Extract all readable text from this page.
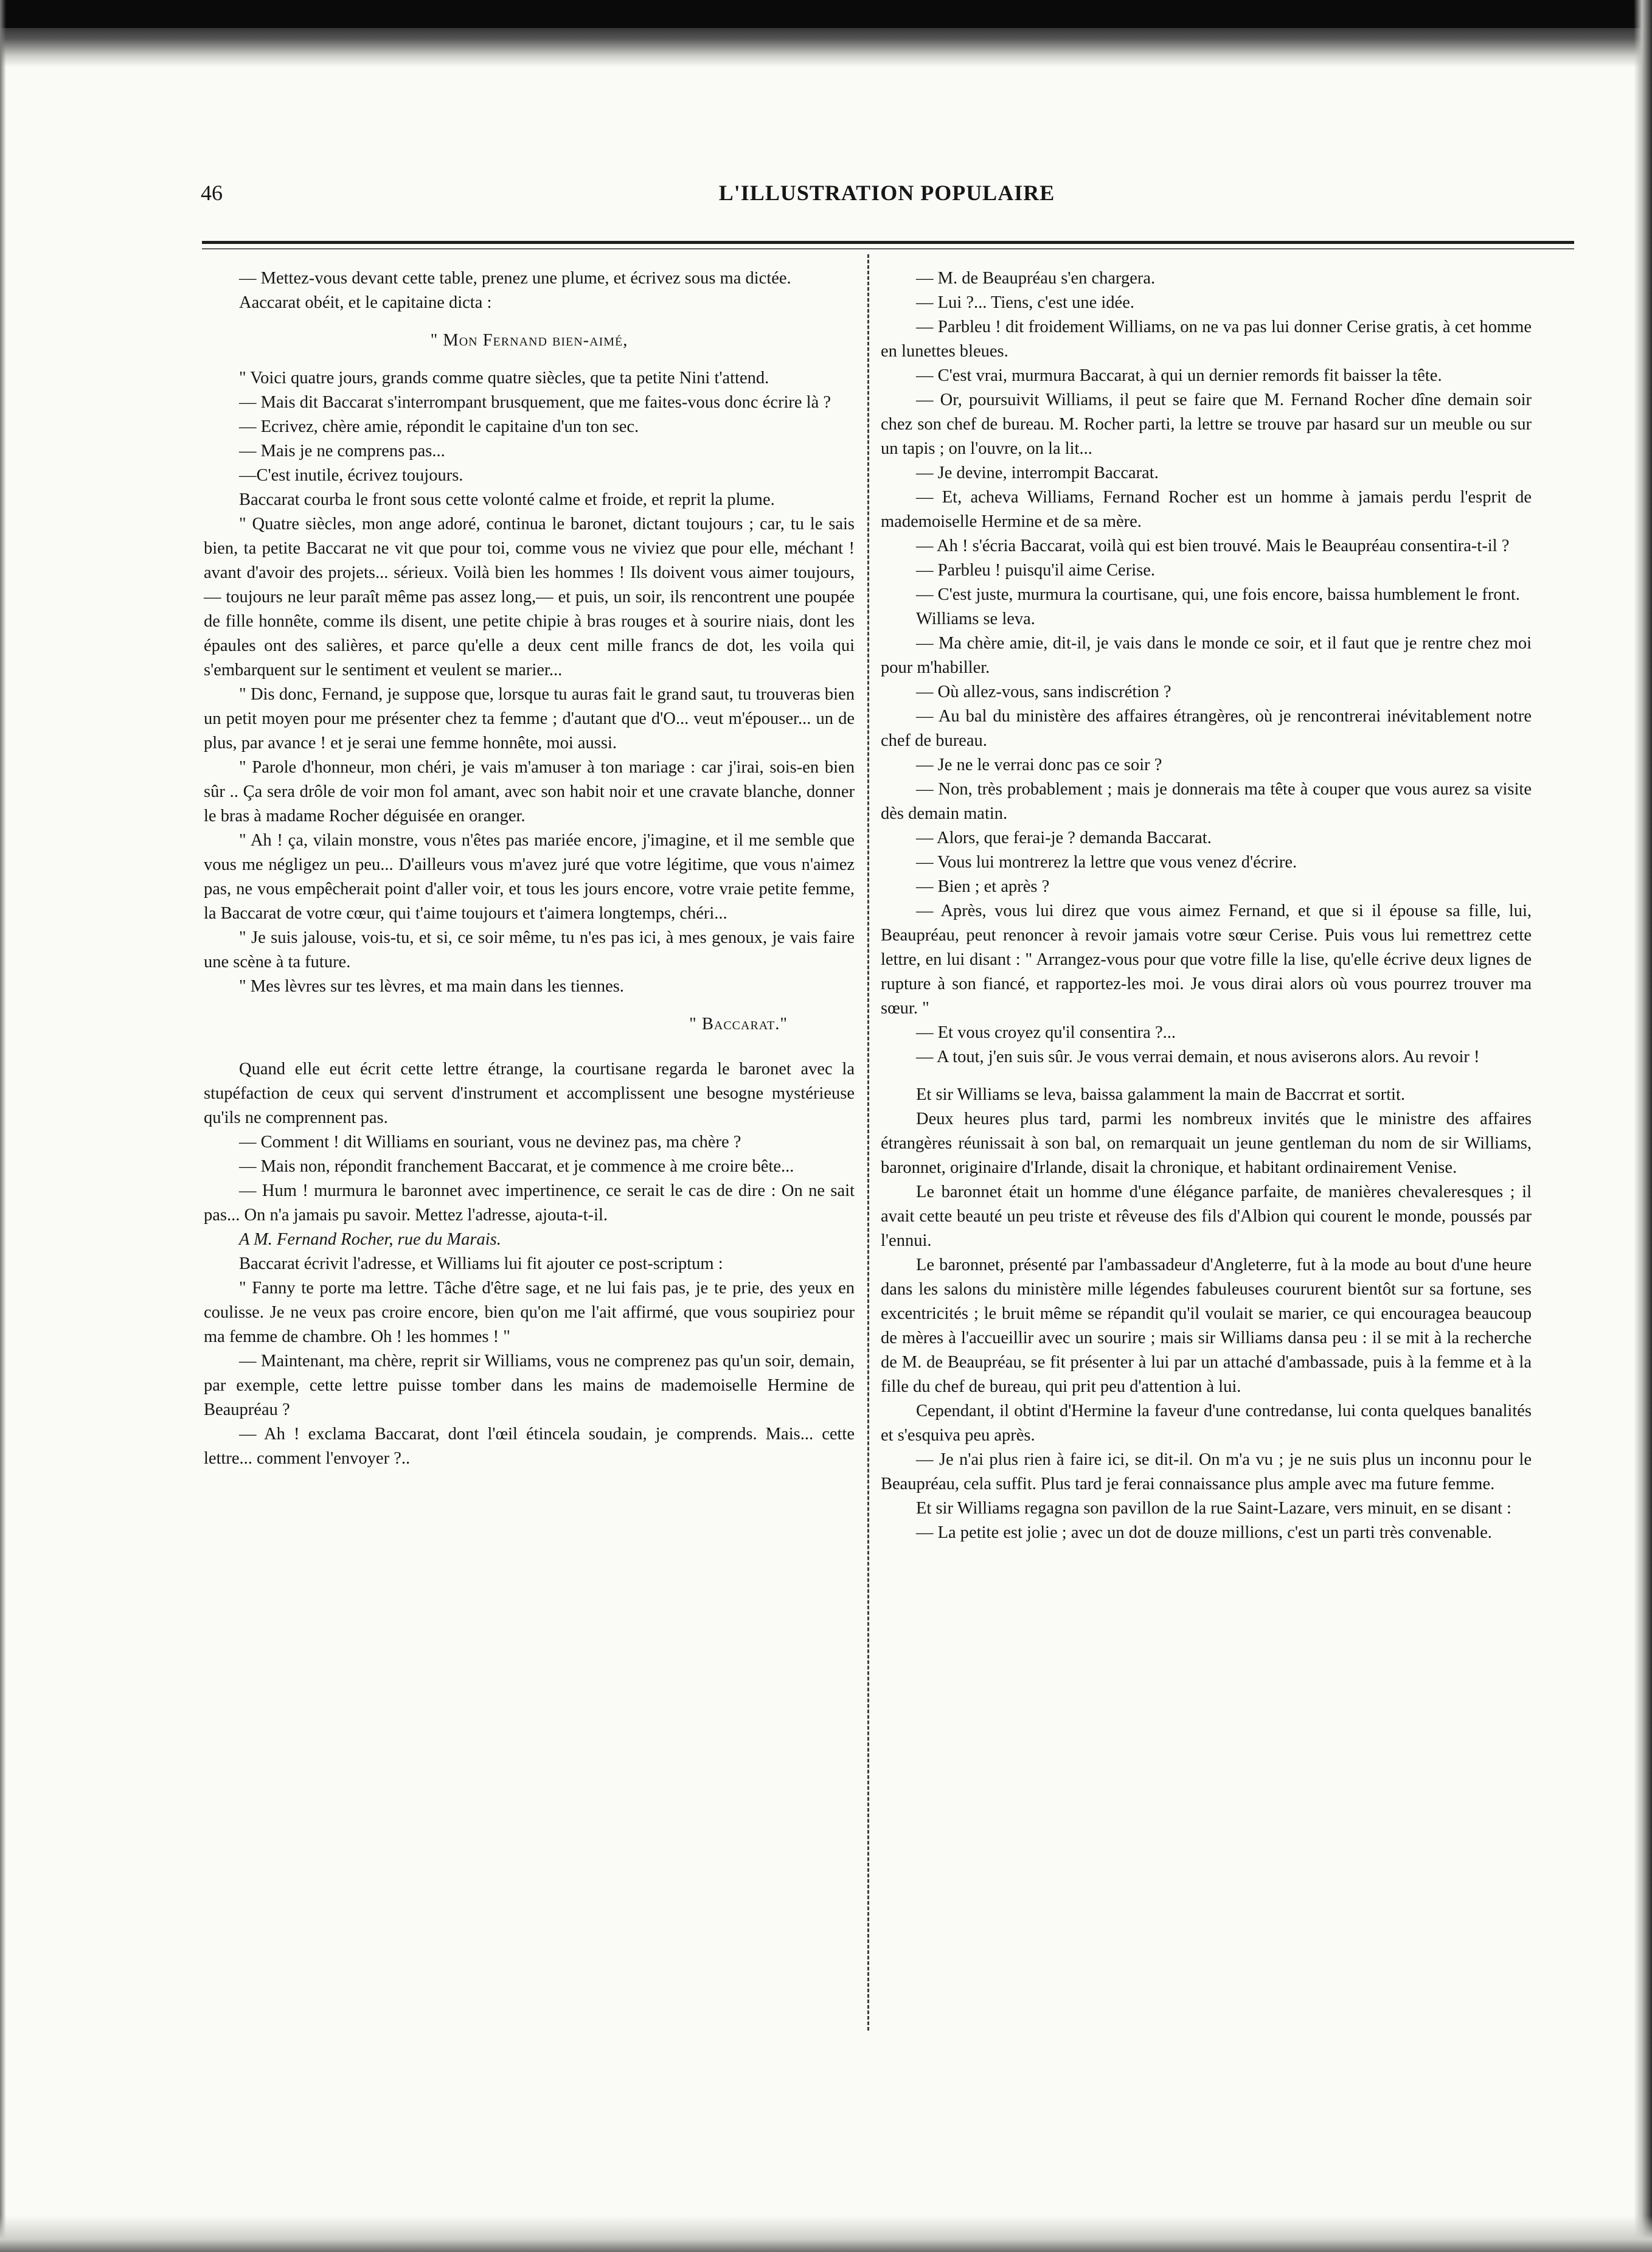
46	L'ILLUSTRATION POPULAIRE

— Mettez-vous devant cette table, prenez une plume, et écrivez sous ma dictée.

Aaccarat obéit, et le capitaine dicta :

" Mon Fernand bien-aimé,

" Voici quatre jours, grands comme quatre siècles, que ta petite Nini t'attend.

— Mais dit Baccarat s'interrompant brusquement, que me faites-vous donc écrire là ?

— Ecrivez, chère amie, répondit le capitaine d'un ton sec.

— Mais je ne comprens pas...

—C'est inutile, écrivez toujours.

Baccarat courba le front sous cette volonté calme et froide, et reprit la plume.

" Quatre siècles, mon ange adoré, continua le baronet, dictant toujours ; car, tu le sais bien, ta petite Baccarat ne vit que pour toi, comme vous ne viviez que pour elle, méchant ! avant d'avoir des projets... sérieux. Voilà bien les hommes ! Ils doivent vous aimer toujours,— toujours ne leur paraît même pas assez long,— et puis, un soir, ils rencontrent une poupée de fille honnête, comme ils disent, une petite chipie à bras rouges et à sourire niais, dont les épaules ont des salières, et parce qu'elle a deux cent mille francs de dot, les voila qui s'embarquent sur le sentiment et veulent se marier...

" Dis donc, Fernand, je suppose que, lorsque tu auras fait le grand saut, tu trouveras bien un petit moyen pour me présenter chez ta femme ; d'autant que d'O... veut m'épouser... un de plus, par avance ! et je serai une femme honnête, moi aussi.

" Parole d'honneur, mon chéri, je vais m'amuser à ton mariage : car j'irai, sois-en bien sûr .. Ça sera drôle de voir mon fol amant, avec son habit noir et une cravate blanche, donner le bras à madame Rocher déguisée en oranger.

" Ah ! ça, vilain monstre, vous n'êtes pas mariée encore, j'imagine, et il me semble que vous me négligez un peu... D'ailleurs vous m'avez juré que votre légitime, que vous n'aimez pas, ne vous empêcherait point d'aller voir, et tous les jours encore, votre vraie petite femme, la Baccarat de votre cœur, qui t'aime toujours et t'aimera longtemps, chéri...

" Je suis jalouse, vois-tu, et si, ce soir même, tu n'es pas ici, à mes genoux, je vais faire une scène à ta future.

" Mes lèvres sur tes lèvres, et ma main dans les tiennes.

" Baccarat."

Quand elle eut écrit cette lettre étrange, la courtisane regarda le baronet avec la stupéfaction de ceux qui servent d'instrument et accomplissent une besogne mystérieuse qu'ils ne comprennent pas.

— Comment ! dit Williams en souriant, vous ne devinez pas, ma chère ?

— Mais non, répondit franchement Baccarat, et je commence à me croire bête...

— Hum ! murmura le baronnet avec impertinence, ce serait le cas de dire : On ne sait pas... On n'a jamais pu savoir. Mettez l'adresse, ajouta-t-il.

A M. Fernand Rocher, rue du Marais.

Baccarat écrivit l'adresse, et Williams lui fit ajouter ce post-scriptum :

" Fanny te porte ma lettre. Tâche d'être sage, et ne lui fais pas, je te prie, des yeux en coulisse. Je ne veux pas croire encore, bien qu'on me l'ait affirmé, que vous soupiriez pour ma femme de chambre. Oh ! les hommes ! "

— Maintenant, ma chère, reprit sir Williams, vous ne comprenez pas qu'un soir, demain, par exemple, cette lettre puisse tomber dans les mains de mademoiselle Hermine de Beaupréau ?

— Ah ! exclama Baccarat, dont l'œil étincela soudain, je comprends. Mais... cette lettre... comment l'envoyer ?..

— M. de Beaupréau s'en chargera.

— Lui ?... Tiens, c'est une idée.

— Parbleu ! dit froidement Williams, on ne va pas lui donner Cerise gratis, à cet homme en lunettes bleues.

— C'est vrai, murmura Baccarat, à qui un dernier remords fit baisser la tête.

— Or, poursuivit Williams, il peut se faire que M. Fernand Rocher dîne demain soir chez son chef de bureau. M. Rocher parti, la lettre se trouve par hasard sur un meuble ou sur un tapis ; on l'ouvre, on la lit...

— Je devine, interrompit Baccarat.

— Et, acheva Williams, Fernand Rocher est un homme à jamais perdu l'esprit de mademoiselle Hermine et de sa mère.

— Ah ! s'écria Baccarat, voilà qui est bien trouvé. Mais le Beaupréau consentira-t-il ?

— Parbleu ! puisqu'il aime Cerise.

— C'est juste, murmura la courtisane, qui, une fois encore, baissa humblement le front.

Williams se leva.

— Ma chère amie, dit-il, je vais dans le monde ce soir, et il faut que je rentre chez moi pour m'habiller.

— Où allez-vous, sans indiscrétion ?

— Au bal du ministère des affaires étrangères, où je rencontrerai inévitablement notre chef de bureau.

— Je ne le verrai donc pas ce soir ?

— Non, très probablement ; mais je donnerais ma tête à couper que vous aurez sa visite dès demain matin.

— Alors, que ferai-je ? demanda Baccarat.

— Vous lui montrerez la lettre que vous venez d'écrire.

— Bien ; et après ?

— Après, vous lui direz que vous aimez Fernand, et que si il épouse sa fille, lui, Beaupréau, peut renoncer à revoir jamais votre sœur Cerise. Puis vous lui remettrez cette lettre, en lui disant : " Arrangez-vous pour que votre fille la lise, qu'elle écrive deux lignes de rupture à son fiancé, et rapportez-les moi. Je vous dirai alors où vous pourrez trouver ma sœur. "

— Et vous croyez qu'il consentira ?...

— A tout, j'en suis sûr. Je vous verrai demain, et nous aviserons alors. Au revoir !

Et sir Williams se leva, baissa galamment la main de Baccrrat et sortit.

Deux heures plus tard, parmi les nombreux invités que le ministre des affaires étrangères réunissait à son bal, on remarquait un jeune gentleman du nom de sir Williams, baronnet, originaire d'Irlande, disait la chronique, et habitant ordinairement Venise.

Le baronnet était un homme d'une élégance parfaite, de manières chevaleresques ; il avait cette beauté un peu triste et rêveuse des fils d'Albion qui courent le monde, poussés par l'ennui.

Le baronnet, présenté par l'ambassadeur d'Angleterre, fut à la mode au bout d'une heure dans les salons du ministère mille légendes fabuleuses coururent bientôt sur sa fortune, ses excentricités ; le bruit même se répandit qu'il voulait se marier, ce qui encouragea beaucoup de mères à l'accueillir avec un sourire ; mais sir Williams dansa peu : il se mit à la recherche de M. de Beaupréau, se fit présenter à lui par un attaché d'ambassade, puis à la femme et à la fille du chef de bureau, qui prit peu d'attention à lui.

Cependant, il obtint d'Hermine la faveur d'une contredanse, lui conta quelques banalités et s'esquiva peu après.

— Je n'ai plus rien à faire ici, se dit-il. On m'a vu ; je ne suis plus un inconnu pour le Beaupréau, cela suffit. Plus tard je ferai connaissance plus ample avec ma future femme.

Et sir Williams regagna son pavillon de la rue Saint-Lazare, vers minuit, en se disant :

— La petite est jolie ; avec un dot de douze millions, c'est un parti très convenable.
